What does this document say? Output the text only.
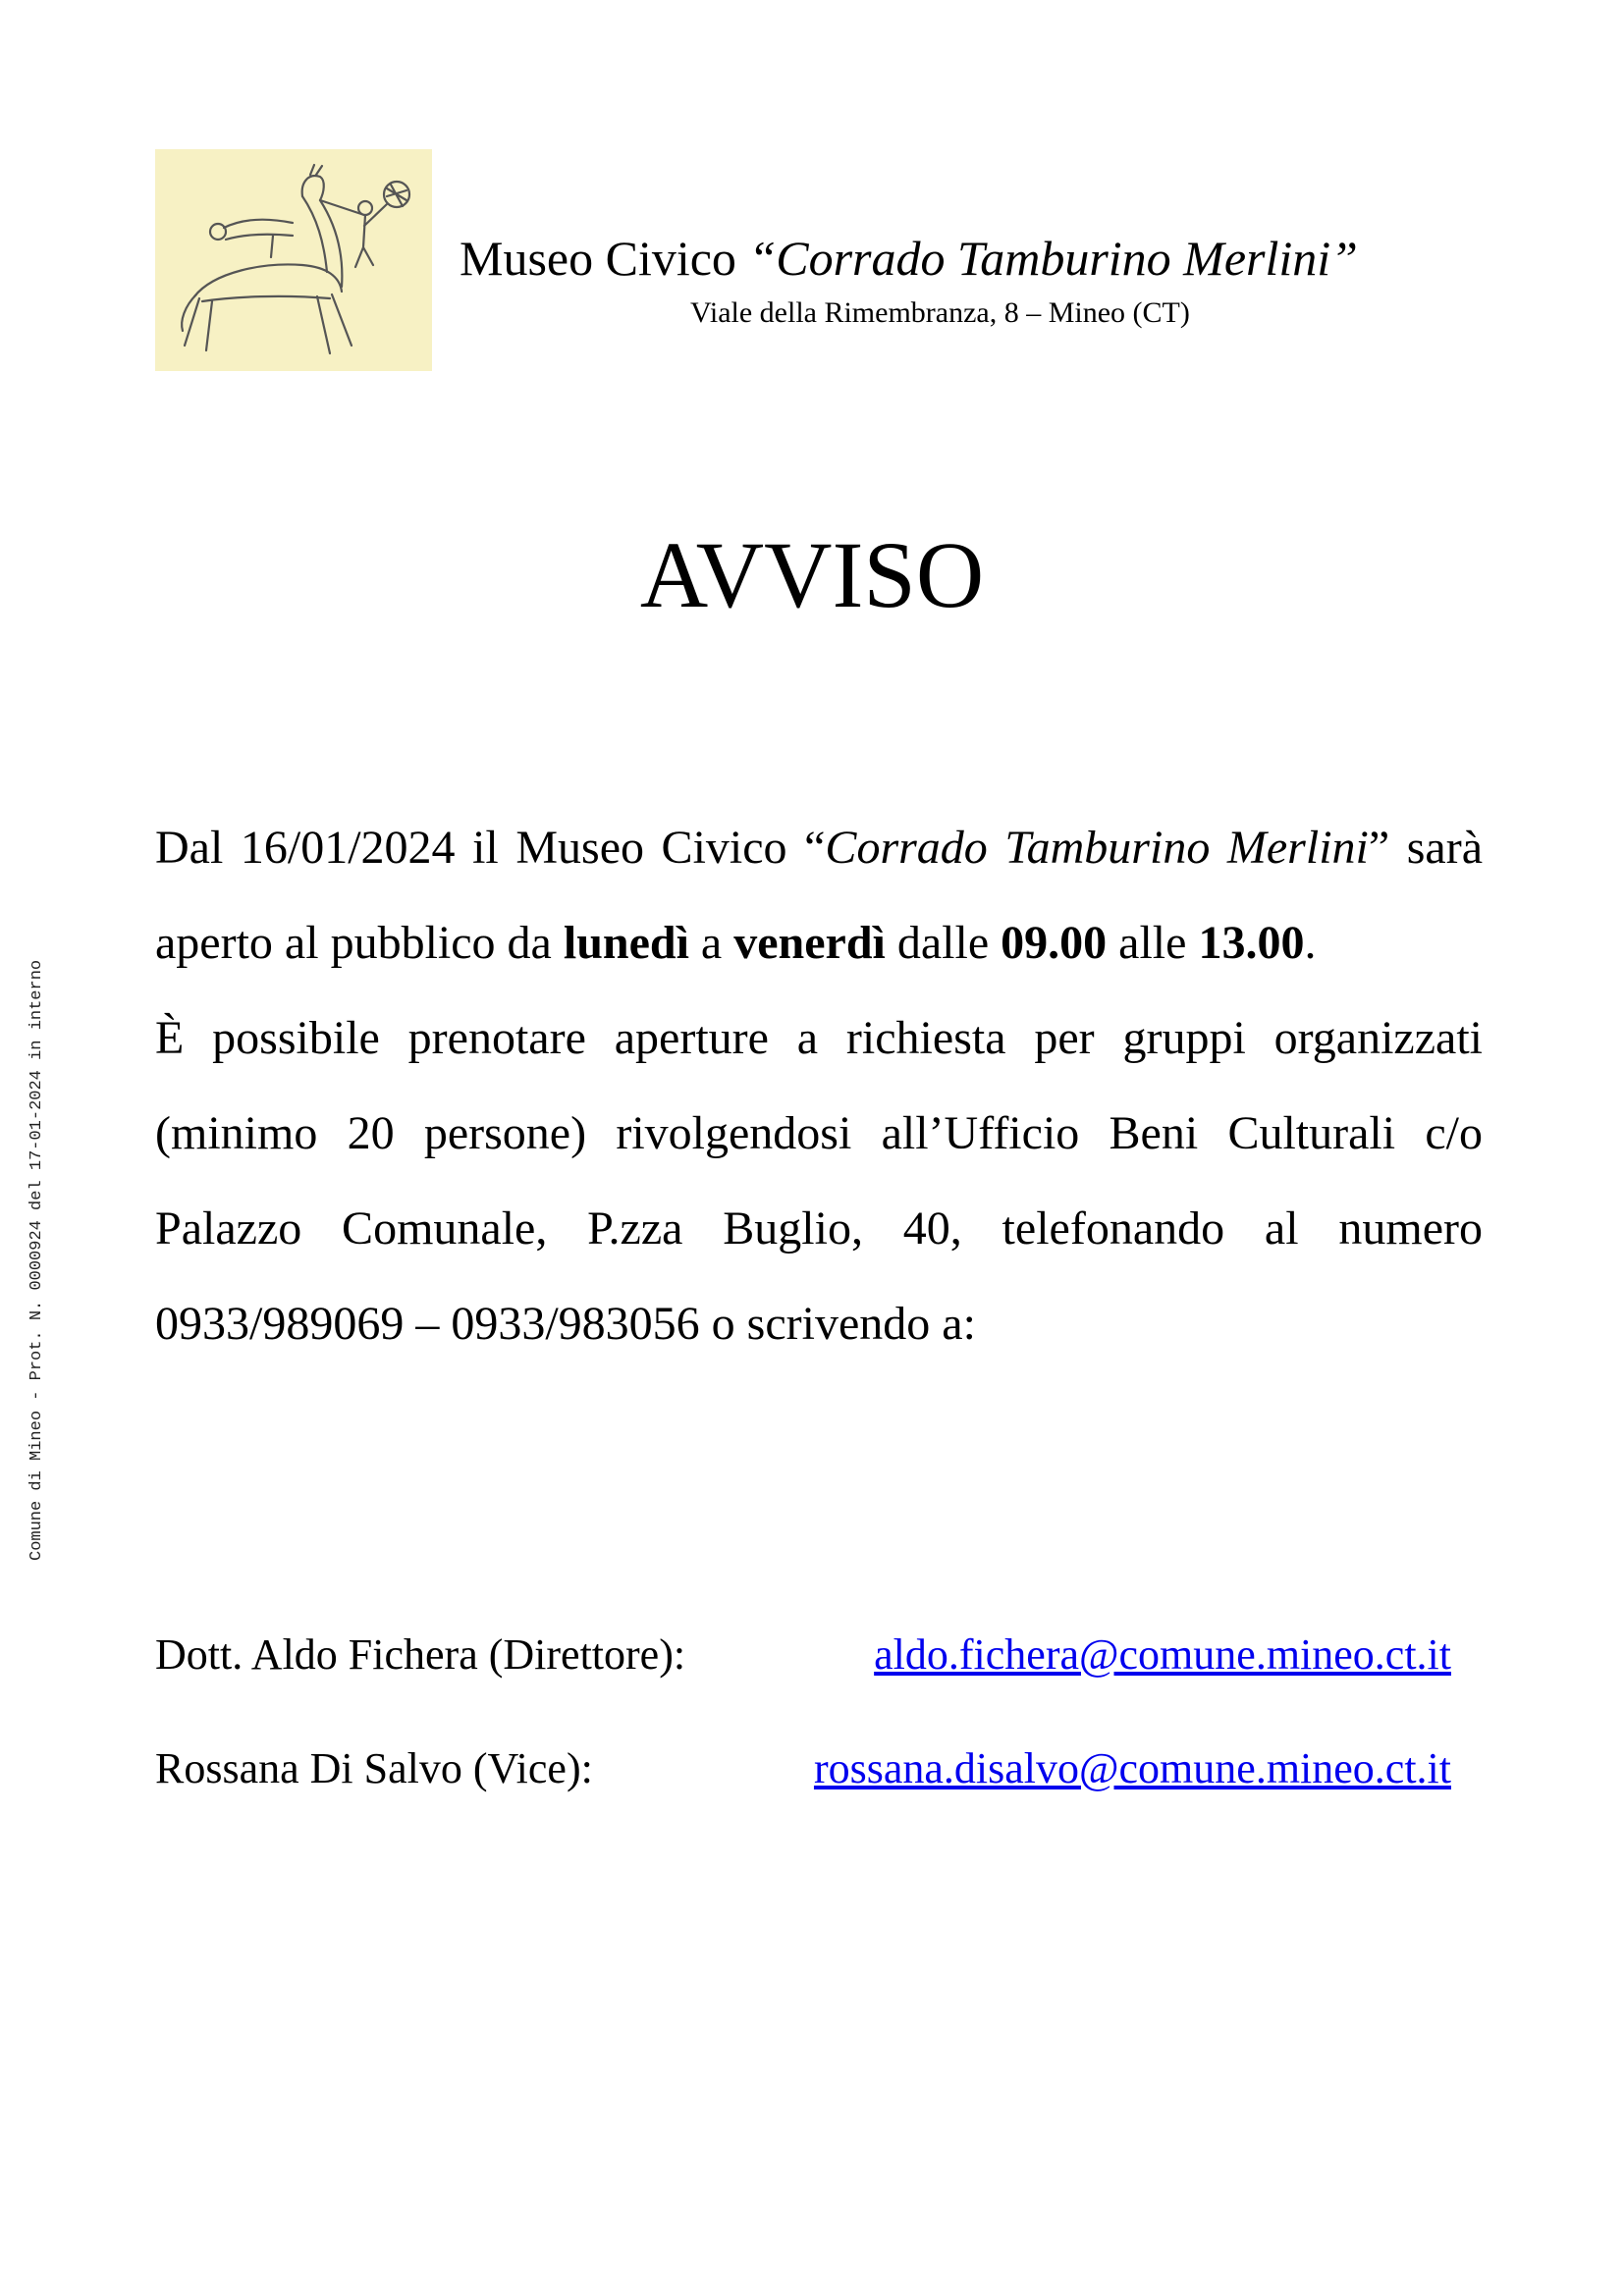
Museo Civico “Corrado Tamburino Merlini”
Viale della Rimembranza, 8 – Mineo (CT)
AVVISO
Comune di Mineo - Prot. N. 0000924 del 17-01-2024 in interno

Dal 16/01/2024 il Museo Civico “Corrado Tamburino Merlini” sarà aperto al pubblico da lunedì a venerdì dalle 09.00 alle 13.00.

È possibile prenotare aperture a richiesta per gruppi organizzati (minimo 20 persone) rivolgendosi all’Ufficio Beni Culturali c/o Palazzo Comunale, P.zza Buglio, 40, telefonando al numero 0933/989069 – 0933/983056 o scrivendo a:

Dott. Aldo Fichera (Direttore):	aldo.fichera@comune.mineo.ct.it
Rossana Di Salvo (Vice):	rossana.disalvo@comune.mineo.ct.it
